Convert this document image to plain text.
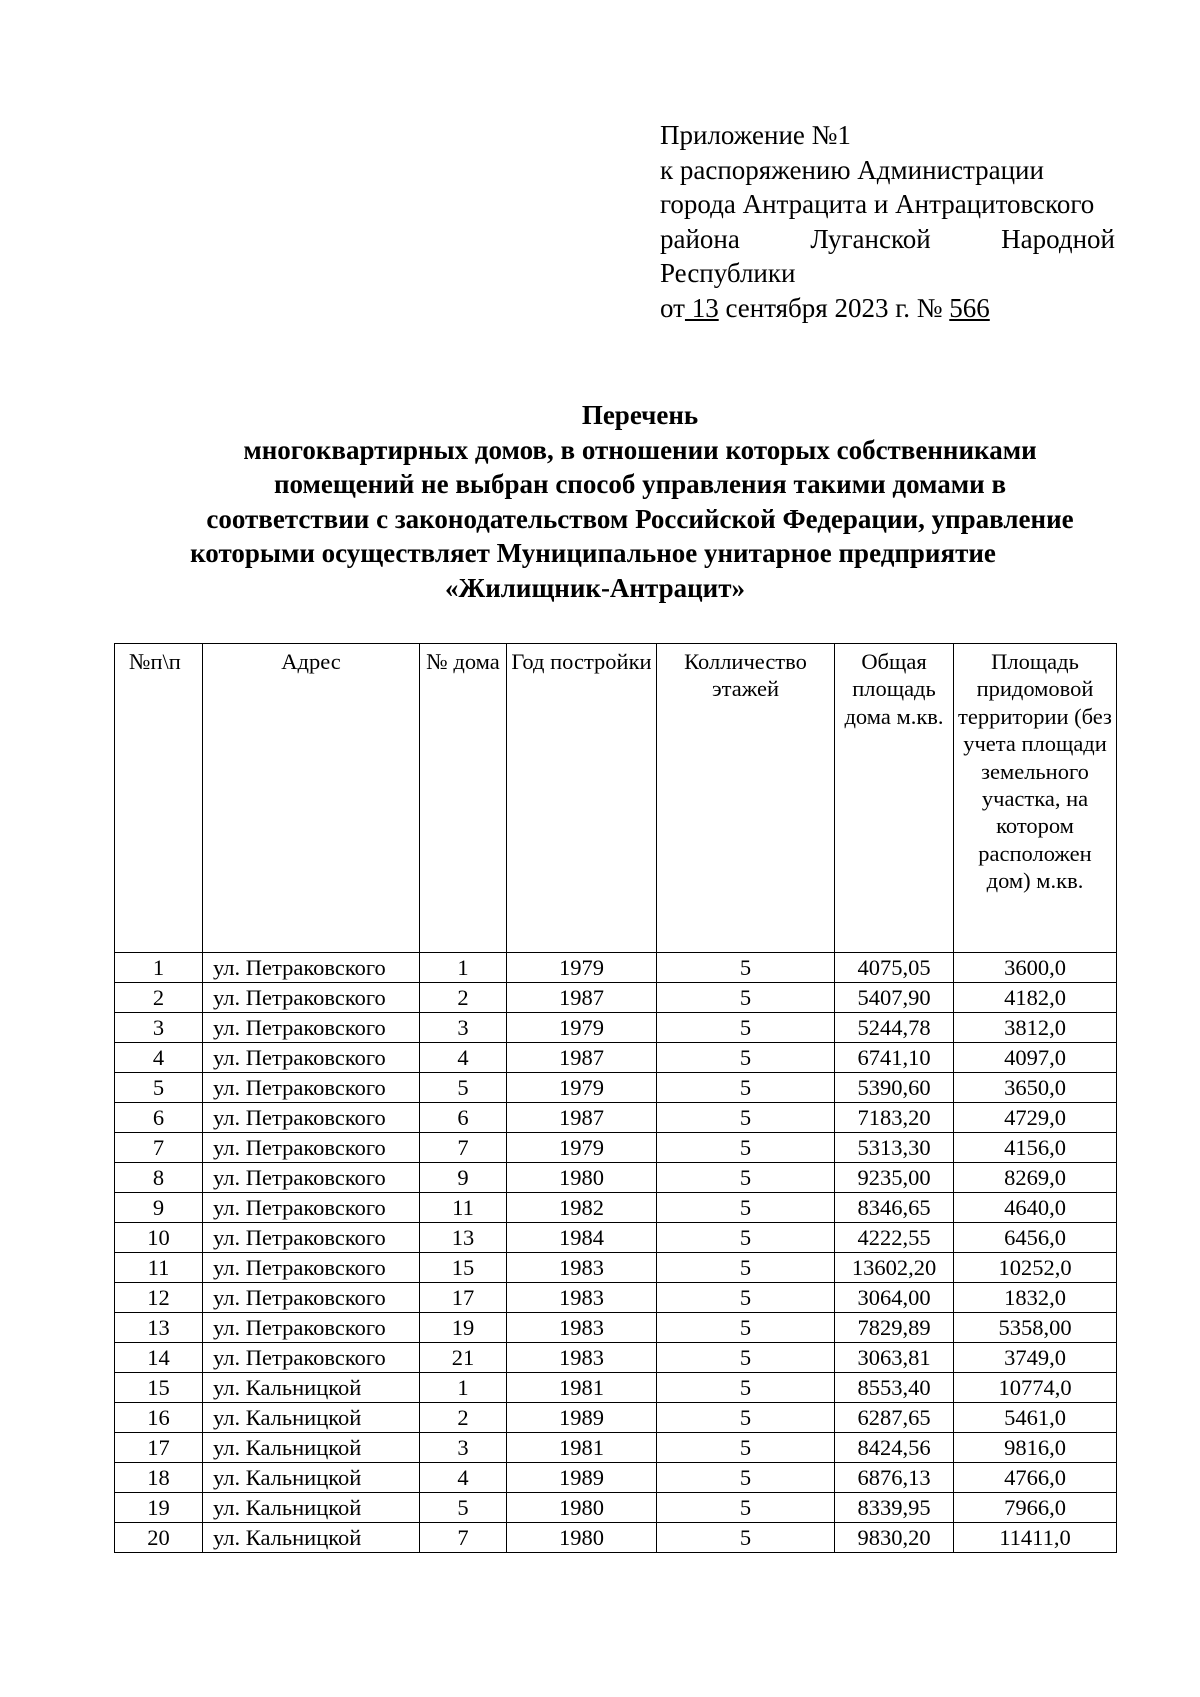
Приложение №1
к распоряжению Администрации
города Антрацита и Антрацитовского
района	Луганской	Народной
Республики
от 13 сентября 2023 г. № 566
Перечень
многоквартирных домов, в отношении которых собственниками
помещений не выбран способ управления такими домами в
соответствии с законодательством Российской Федерации, управление
которыми осуществляет Муниципальное унитарное предприятие
«Жилищник-Антрацит»
№п\п	Адрес	№ дома	Год постройки	Колличество этажей	Общая площадь дома м.кв.	Площадь придомовой территории (без учета площади земельного участка, на котором расположен дом) м.кв.
1	ул. Петраковского	1	1979	5	4075,05	3600,0
2	ул. Петраковского	2	1987	5	5407,90	4182,0
3	ул. Петраковского	3	1979	5	5244,78	3812,0
4	ул. Петраковского	4	1987	5	6741,10	4097,0
5	ул. Петраковского	5	1979	5	5390,60	3650,0
6	ул. Петраковского	6	1987	5	7183,20	4729,0
7	ул. Петраковского	7	1979	5	5313,30	4156,0
8	ул. Петраковского	9	1980	5	9235,00	8269,0
9	ул. Петраковского	11	1982	5	8346,65	4640,0
10	ул. Петраковского	13	1984	5	4222,55	6456,0
11	ул. Петраковского	15	1983	5	13602,20	10252,0
12	ул. Петраковского	17	1983	5	3064,00	1832,0
13	ул. Петраковского	19	1983	5	7829,89	5358,00
14	ул. Петраковского	21	1983	5	3063,81	3749,0
15	ул. Кальницкой	1	1981	5	8553,40	10774,0
16	ул. Кальницкой	2	1989	5	6287,65	5461,0
17	ул. Кальницкой	3	1981	5	8424,56	9816,0
18	ул. Кальницкой	4	1989	5	6876,13	4766,0
19	ул. Кальницкой	5	1980	5	8339,95	7966,0
20	ул. Кальницкой	7	1980	5	9830,20	11411,0
